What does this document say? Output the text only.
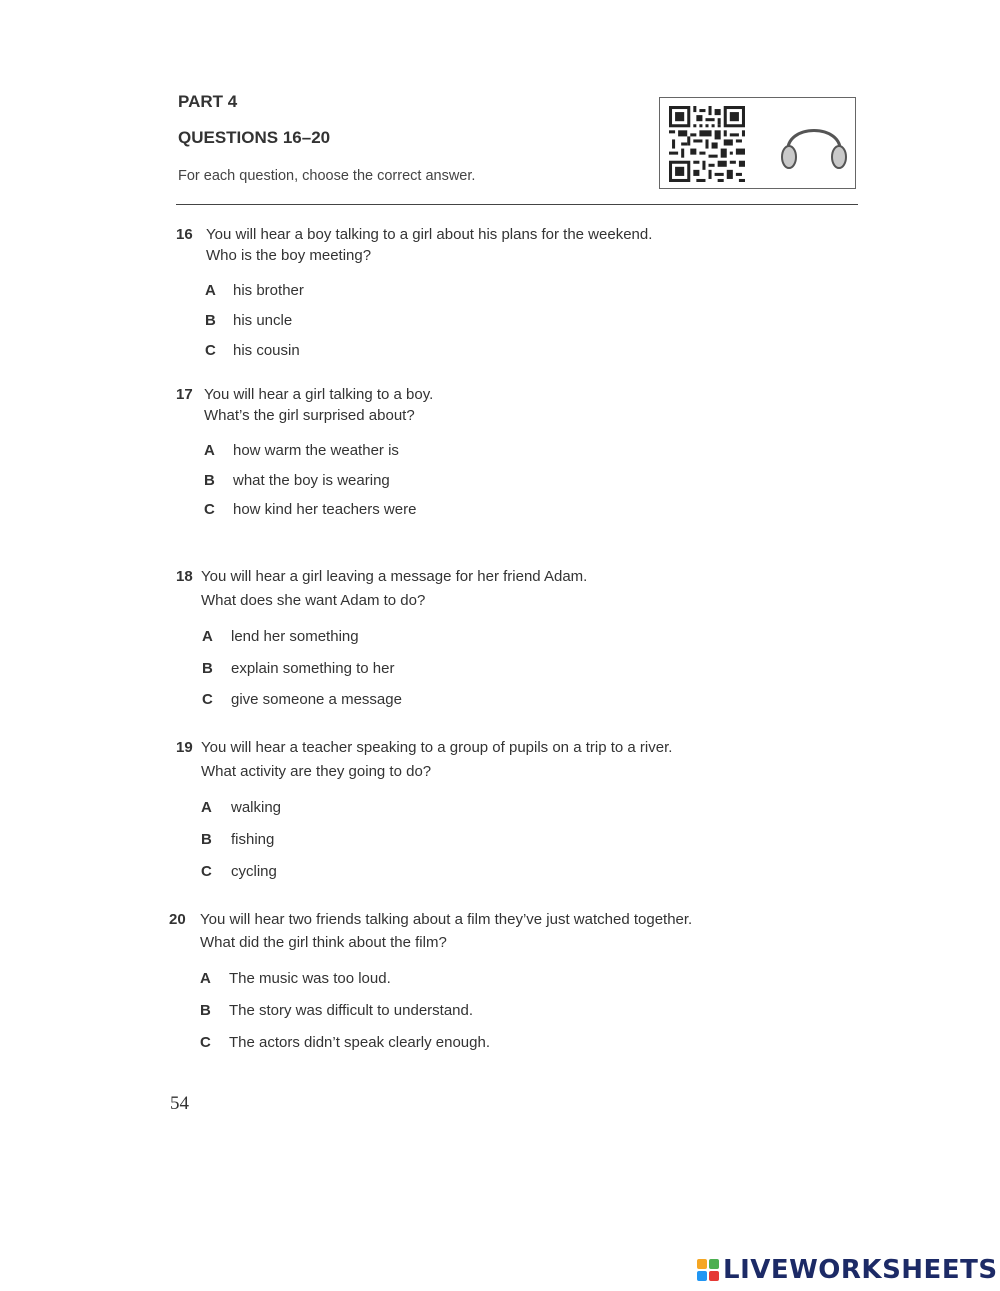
PART 4
QUESTIONS 16–20
For each question, choose the correct answer.
16 You will hear a boy talking to a girl about his plans for the weekend.
Who is the boy meeting?
A his brother
B his uncle
C his cousin
17 You will hear a girl talking to a boy.
What’s the girl surprised about?
A how warm the weather is
B what the boy is wearing
C how kind her teachers were
18 You will hear a girl leaving a message for her friend Adam.
What does she want Adam to do?
A lend her something
B explain something to her
C give someone a message
19 You will hear a teacher speaking to a group of pupils on a trip to a river.
What activity are they going to do?
A walking
B fishing
C cycling
20 You will hear two friends talking about a film they’ve just watched together.
What did the girl think about the film?
A The music was too loud.
B The story was difficult to understand.
C The actors didn’t speak clearly enough.
54
LIVEWORKSHEETS
